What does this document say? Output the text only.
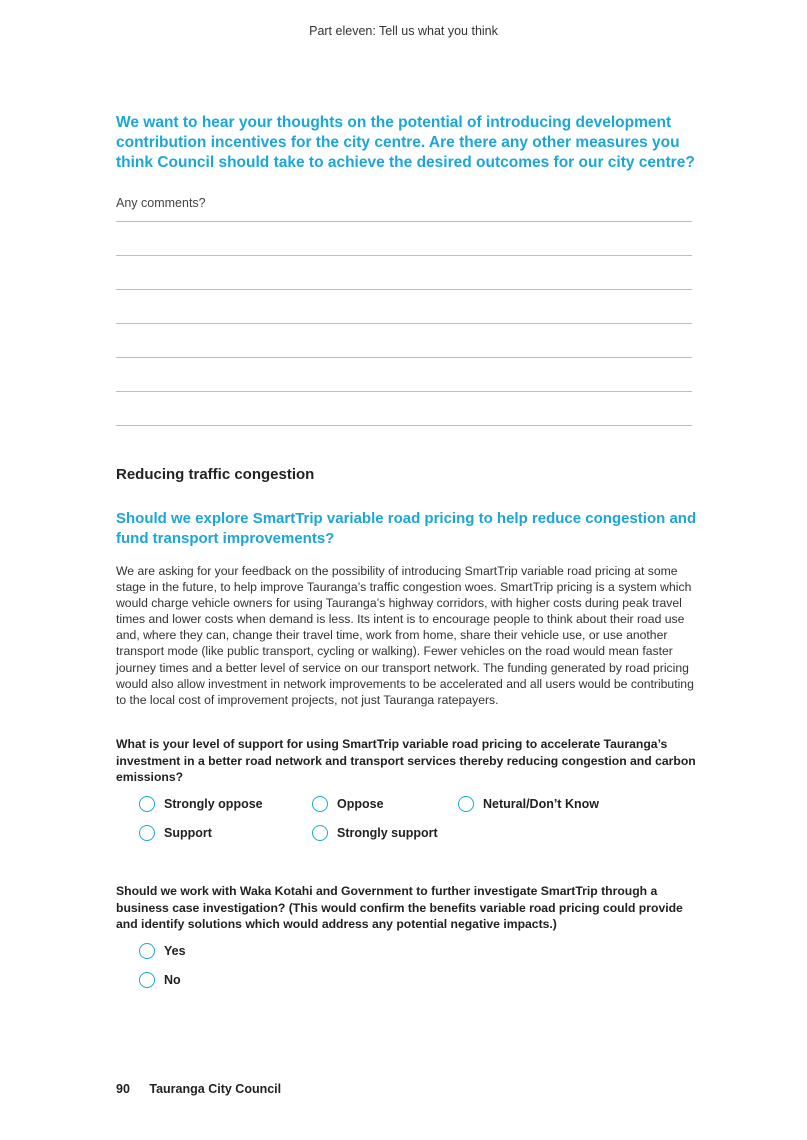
Part eleven: Tell us what you think
We want to hear your thoughts on the potential of introducing development contribution incentives for the city centre. Are there any other measures you think Council should take to achieve the desired outcomes for our city centre?
Any comments?
Reducing traffic congestion
Should we explore SmartTrip variable road pricing to help reduce congestion and fund transport improvements?
We are asking for your feedback on the possibility of introducing SmartTrip variable road pricing at some stage in the future, to help improve Tauranga’s traffic congestion woes. SmartTrip pricing is a system which would charge vehicle owners for using Tauranga’s highway corridors, with higher costs during peak travel times and lower costs when demand is less. Its intent is to encourage people to think about their road use and, where they can, change their travel time, work from home, share their vehicle use, or use another transport mode (like public transport, cycling or walking). Fewer vehicles on the road would mean faster journey times and a better level of service on our transport network. The funding generated by road pricing would also allow investment in network improvements to be accelerated and all users would be contributing to the local cost of improvement projects, not just Tauranga ratepayers.
What is your level of support for using SmartTrip variable road pricing to accelerate Tauranga’s investment in a better road network and transport services thereby reducing congestion and carbon emissions?
Strongly oppose	Oppose	Netural/Don’t Know
Support	Strongly support
Should we work with Waka Kotahi and Government to further investigate SmartTrip through a business case investigation? (This would confirm the benefits variable road pricing could provide and identify solutions which would address any potential negative impacts.)
Yes
No
90 Tauranga City Council
